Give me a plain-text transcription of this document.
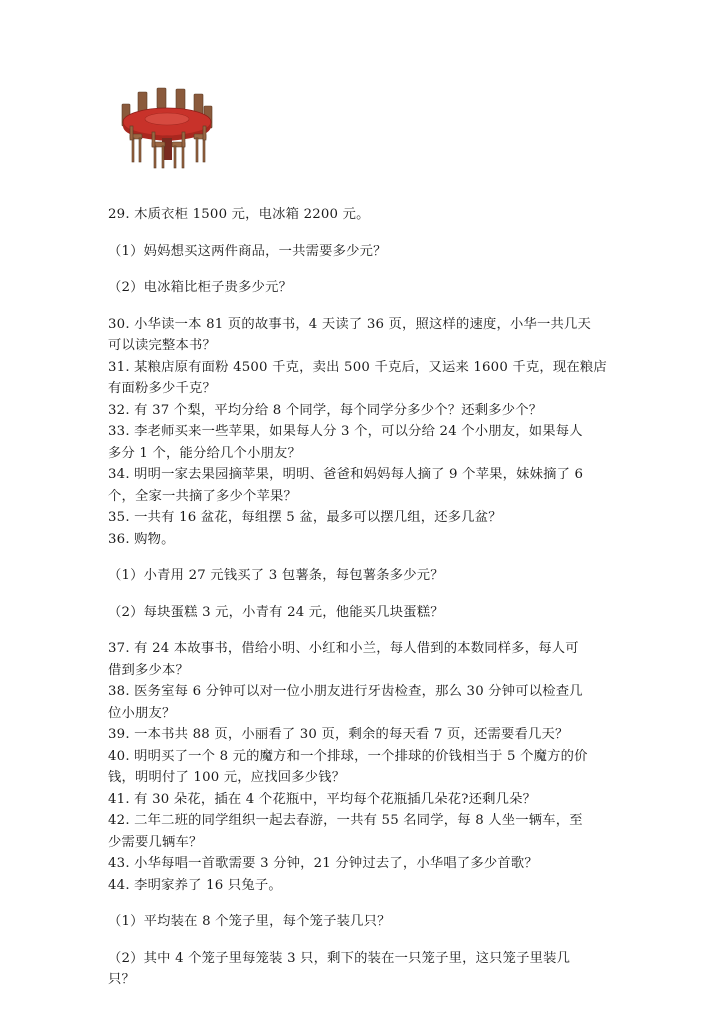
29. 木质衣柜 1500 元，电冰箱 2200 元。

（1）妈妈想买这两件商品，一共需要多少元？

（2）电冰箱比柜子贵多少元？

30. 小华读一本 81 页的故事书，4 天读了 36 页，照这样的速度，小华一共几天

可以读完整本书？

31. 某粮店原有面粉 4500 千克，卖出 500 千克后，又运来 1600 千克，现在粮店

有面粉多少千克？

32. 有 37 个梨，平均分给 8 个同学，每个同学分多少个？还剩多少个？

33. 李老师买来一些苹果，如果每人分 3 个，可以分给 24 个小朋友，如果每人

多分 1 个，能分给几个小朋友？

34. 明明一家去果园摘苹果，明明、爸爸和妈妈每人摘了 9 个苹果，妹妹摘了 6

个，全家一共摘了多少个苹果？

35. 一共有 16 盆花，每组摆 5 盆，最多可以摆几组，还多几盆？

36. 购物。

（1）小青用 27 元钱买了 3 包薯条，每包薯条多少元？

（2）每块蛋糕 3 元，小青有 24 元，他能买几块蛋糕？

37. 有 24 本故事书，借给小明、小红和小兰，每人借到的本数同样多，每人可

借到多少本？

38. 医务室每 6 分钟可以对一位小朋友进行牙齿检查，那么 30 分钟可以检查几

位小朋友？

39. 一本书共 88 页，小丽看了 30 页，剩余的每天看 7 页，还需要看几天？

40. 明明买了一个 8 元的魔方和一个排球，一个排球的价钱相当于 5 个魔方的价

钱，明明付了 100 元，应找回多少钱？

41. 有 30 朵花，插在 4 个花瓶中，平均每个花瓶插几朵花?还剩几朵？

42. 二年二班的同学组织一起去春游，一共有 55 名同学，每 8 人坐一辆车，至

少需要几辆车？

43. 小华每唱一首歌需要 3 分钟，21 分钟过去了，小华唱了多少首歌？

44. 李明家养了 16 只兔子。

（1）平均装在 8 个笼子里，每个笼子装几只？

（2）其中 4 个笼子里每笼装 3 只，剩下的装在一只笼子里，这只笼子里装几

只？
